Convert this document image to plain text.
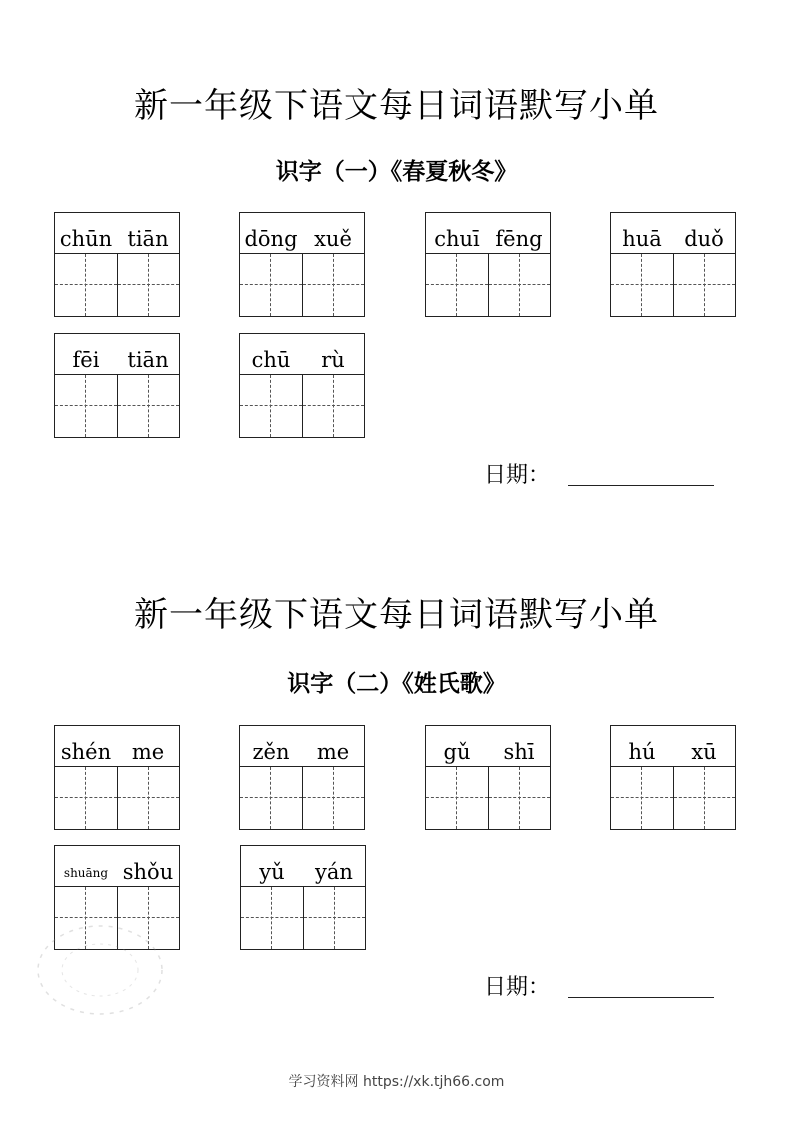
新一年级下语文每日词语默写小单
识字（一）《春夏秋冬》
chūn tiān	dōng xuě	chuī fēng	huā	duǒ
fēi	tiān	chū	rù
日期：
新一年级下语文每日词语默写小单
识字（二）《姓氏歌》
shén me	zěn	me	gǔ	shī	hú	xū
shuāng shǒu	yǔ	yán
日期：
学习资料网 https://xk.tjh66.com
